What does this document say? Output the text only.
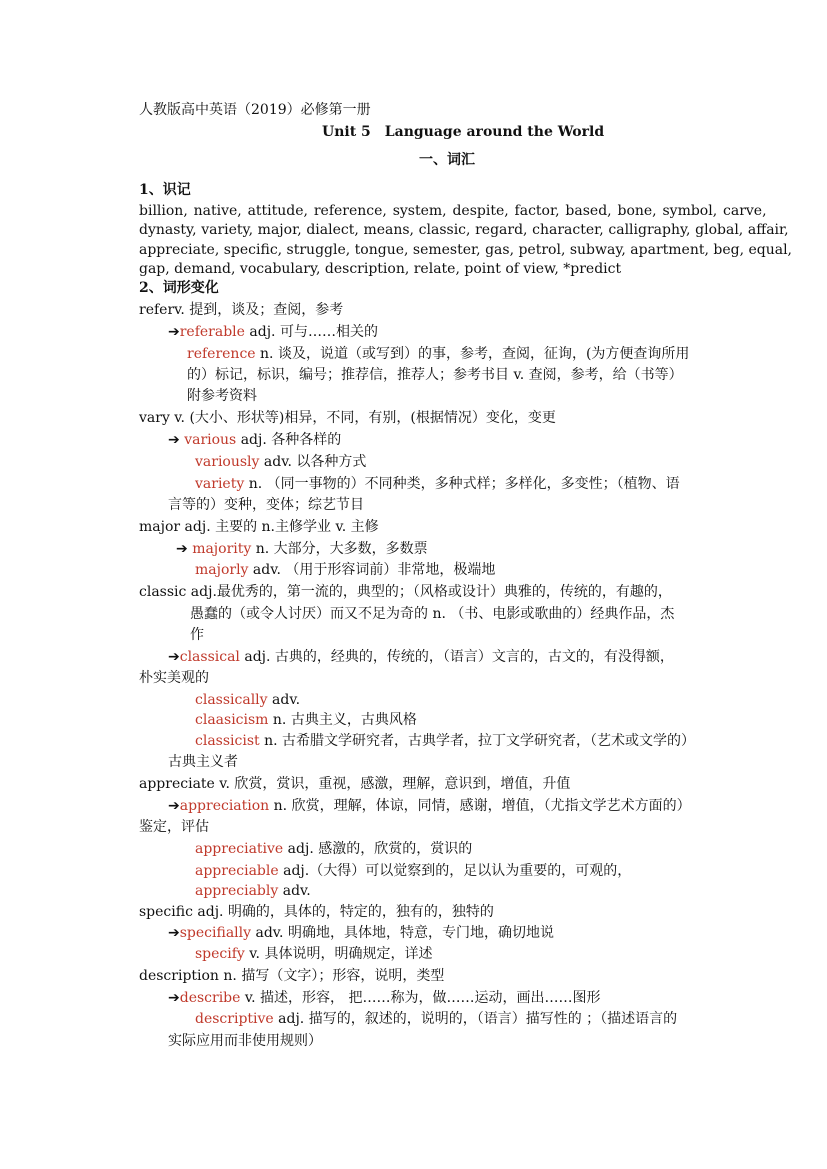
人教版高中英语（2019）必修第一册
Unit 5　Language around the World
一、词汇
1、识记
billion, native, attitude, reference, system, despite, factor, based, bone, symbol, carve,
dynasty, variety, major, dialect, means, classic, regard, character, calligraphy, global, affair,
appreciate, specific, struggle, tongue, semester, gas, petrol, subway, apartment, beg, equal,
gap, demand, vocabulary, description, relate, point of view, *predict
2、词形变化
referv. 提到，谈及；查阅，参考
➔referable adj. 可与……相关的
reference n. 谈及，说道（或写到）的事，参考，查阅，征询，(为方便查询所用
的）标记，标识，编号；推荐信，推荐人；参考书目 v. 查阅，参考，给（书等）
附参考资料
vary v. (大小、形状等)相异，不同，有别，(根据情况）变化，变更
➔ various adj. 各种各样的
variously adv. 以各种方式
variety n. （同一事物的）不同种类，多种式样；多样化，多变性；（植物、语
言等的）变种，变体；综艺节目
major adj. 主要的 n.主修学业 v. 主修
➔ majority n. 大部分，大多数，多数票
majorly adv. （用于形容词前）非常地，极端地
classic adj.最优秀的，第一流的，典型的；（风格或设计）典雅的，传统的，有趣的，
愚蠢的（或令人讨厌）而又不足为奇的 n. （书、电影或歌曲的）经典作品，杰
作
➔classical adj. 古典的，经典的，传统的，（语言）文言的，古文的，有没得额，
朴实美观的
classically adv.
claasicism n. 古典主义，古典风格
classicist n. 古希腊文学研究者，古典学者，拉丁文学研究者，（艺术或文学的）
古典主义者
appreciate v. 欣赏，赏识，重视，感激，理解，意识到，增值，升值
➔appreciation n. 欣赏，理解，体谅，同情，感谢，增值，（尤指文学艺术方面的）
鉴定，评估
appreciative adj. 感激的，欣赏的，赏识的
appreciable adj.（大得）可以觉察到的，足以认为重要的，可观的，
appreciably adv.
specific adj. 明确的，具体的，特定的，独有的，独特的
➔specifially adv. 明确地，具体地，特意，专门地，确切地说
specify v. 具体说明，明确规定，详述
description n. 描写（文字）；形容，说明，类型
➔describe v. 描述，形容， 把……称为，做……运动，画出……图形
descriptive adj. 描写的，叙述的，说明的，（语言）描写性的 ；（描述语言的
实际应用而非使用规则）
